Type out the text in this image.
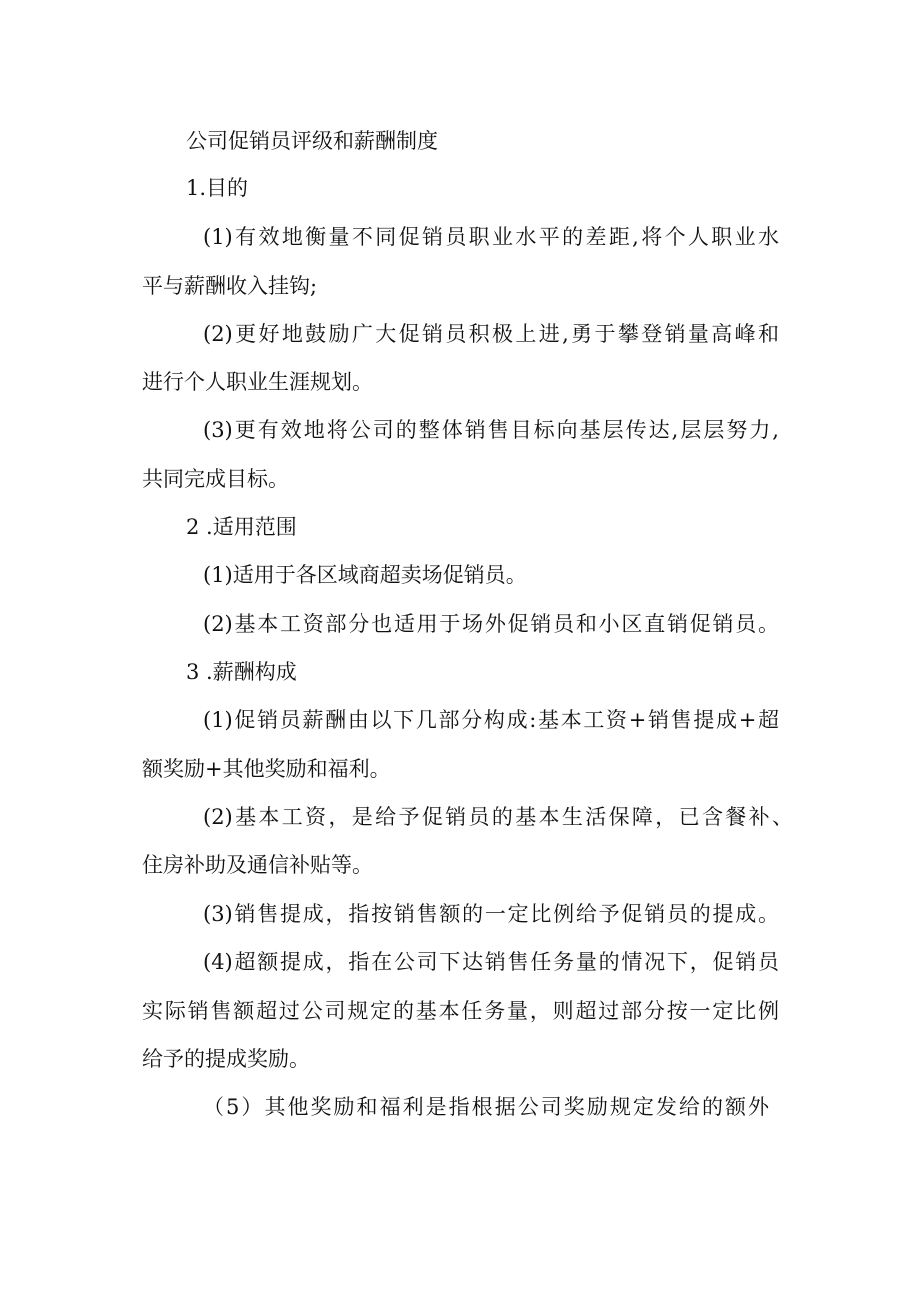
公司促销员评级和薪酬制度
1.目的
(1)有效地衡量不同促销员职业水平的差距,将个人职业水
平与薪酬收入挂钩;
(2)更好地鼓励广大促销员积极上进,勇于攀登销量高峰和
进行个人职业生涯规划。
(3)更有效地将公司的整体销售目标向基层传达,层层努力,
共同完成目标。
2 .适用范围
(1)适用于各区域商超卖场促销员。
(2)基本工资部分也适用于场外促销员和小区直销促销员。
3 .薪酬构成
(1)促销员薪酬由以下几部分构成:基本工资+销售提成+超
额奖励+其他奖励和福利。
(2)基本工资，是给予促销员的基本生活保障，已含餐补、
住房补助及通信补贴等。
(3)销售提成，指按销售额的一定比例给予促销员的提成。
(4)超额提成，指在公司下达销售任务量的情况下，促销员
实际销售额超过公司规定的基本任务量，则超过部分按一定比例
给予的提成奖励。
（5）其他奖励和福利是指根据公司奖励规定发给的额外
